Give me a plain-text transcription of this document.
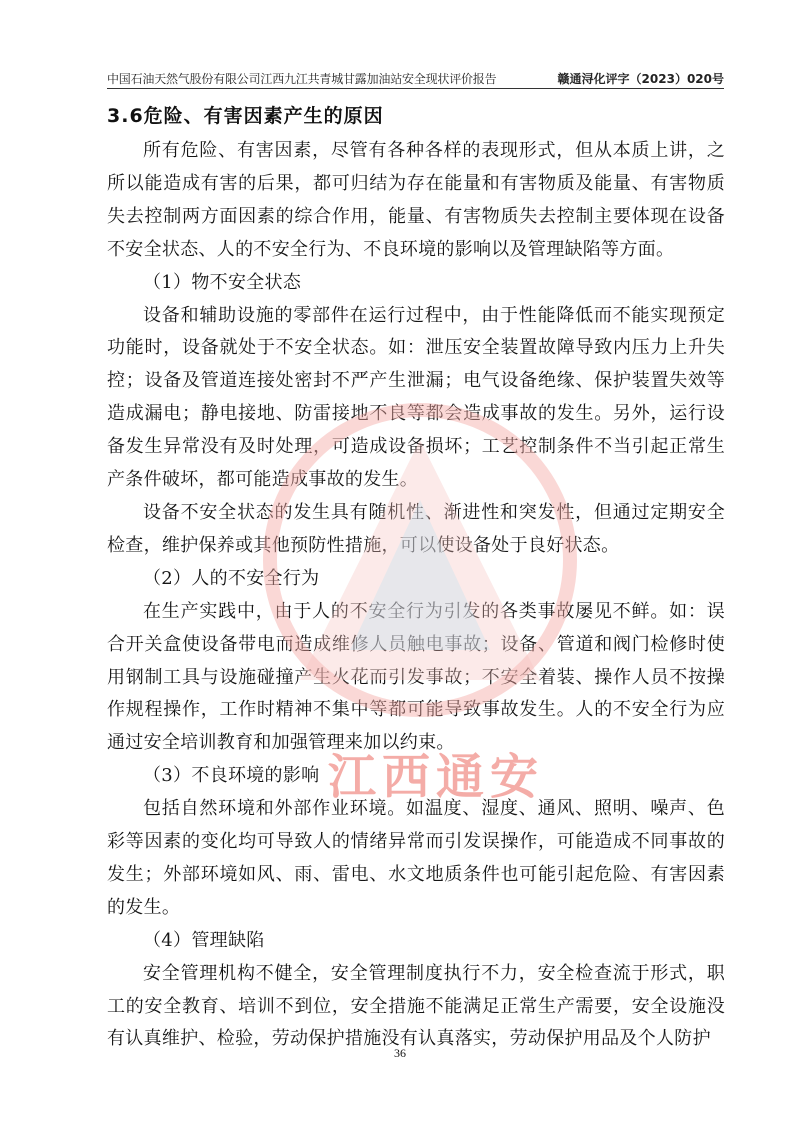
中国石油天然气股份有限公司江西九江共青城甘露加油站安全现状评价报告	赣通浔化评字（2023）020号
3.6危险、有害因素产生的原因

所有危险、有害因素，尽管有各种各样的表现形式，但从本质上讲，之所以能造成有害的后果，都可归结为存在能量和有害物质及能量、有害物质失去控制两方面因素的综合作用，能量、有害物质失去控制主要体现在设备不安全状态、人的不安全行为、不良环境的影响以及管理缺陷等方面。

（1）物不安全状态

设备和辅助设施的零部件在运行过程中，由于性能降低而不能实现预定功能时，设备就处于不安全状态。如：泄压安全装置故障导致内压力上升失控；设备及管道连接处密封不严产生泄漏；电气设备绝缘、保护装置失效等造成漏电；静电接地、防雷接地不良等都会造成事故的发生。另外，运行设备发生异常没有及时处理，可造成设备损坏；工艺控制条件不当引起正常生产条件破坏，都可能造成事故的发生。

设备不安全状态的发生具有随机性、渐进性和突发性，但通过定期安全检查，维护保养或其他预防性措施，可以使设备处于良好状态。

（2）人的不安全行为

在生产实践中，由于人的不安全行为引发的各类事故屡见不鲜。如：误合开关盒使设备带电而造成维修人员触电事故；设备、管道和阀门检修时使用钢制工具与设施碰撞产生火花而引发事故；不安全着装、操作人员不按操作规程操作，工作时精神不集中等都可能导致事故发生。人的不安全行为应通过安全培训教育和加强管理来加以约束。

（3）不良环境的影响

包括自然环境和外部作业环境。如温度、湿度、通风、照明、噪声、色彩等因素的变化均可导致人的情绪异常而引发误操作，可能造成不同事故的发生；外部环境如风、雨、雷电、水文地质条件也可能引起危险、有害因素的发生。

（4）管理缺陷

安全管理机构不健全，安全管理制度执行不力，安全检查流于形式，职工的安全教育、培训不到位，安全措施不能满足正常生产需要，安全设施没有认真维护、检验，劳动保护措施没有认真落实，劳动保护用品及个人防护

江西通安
36
